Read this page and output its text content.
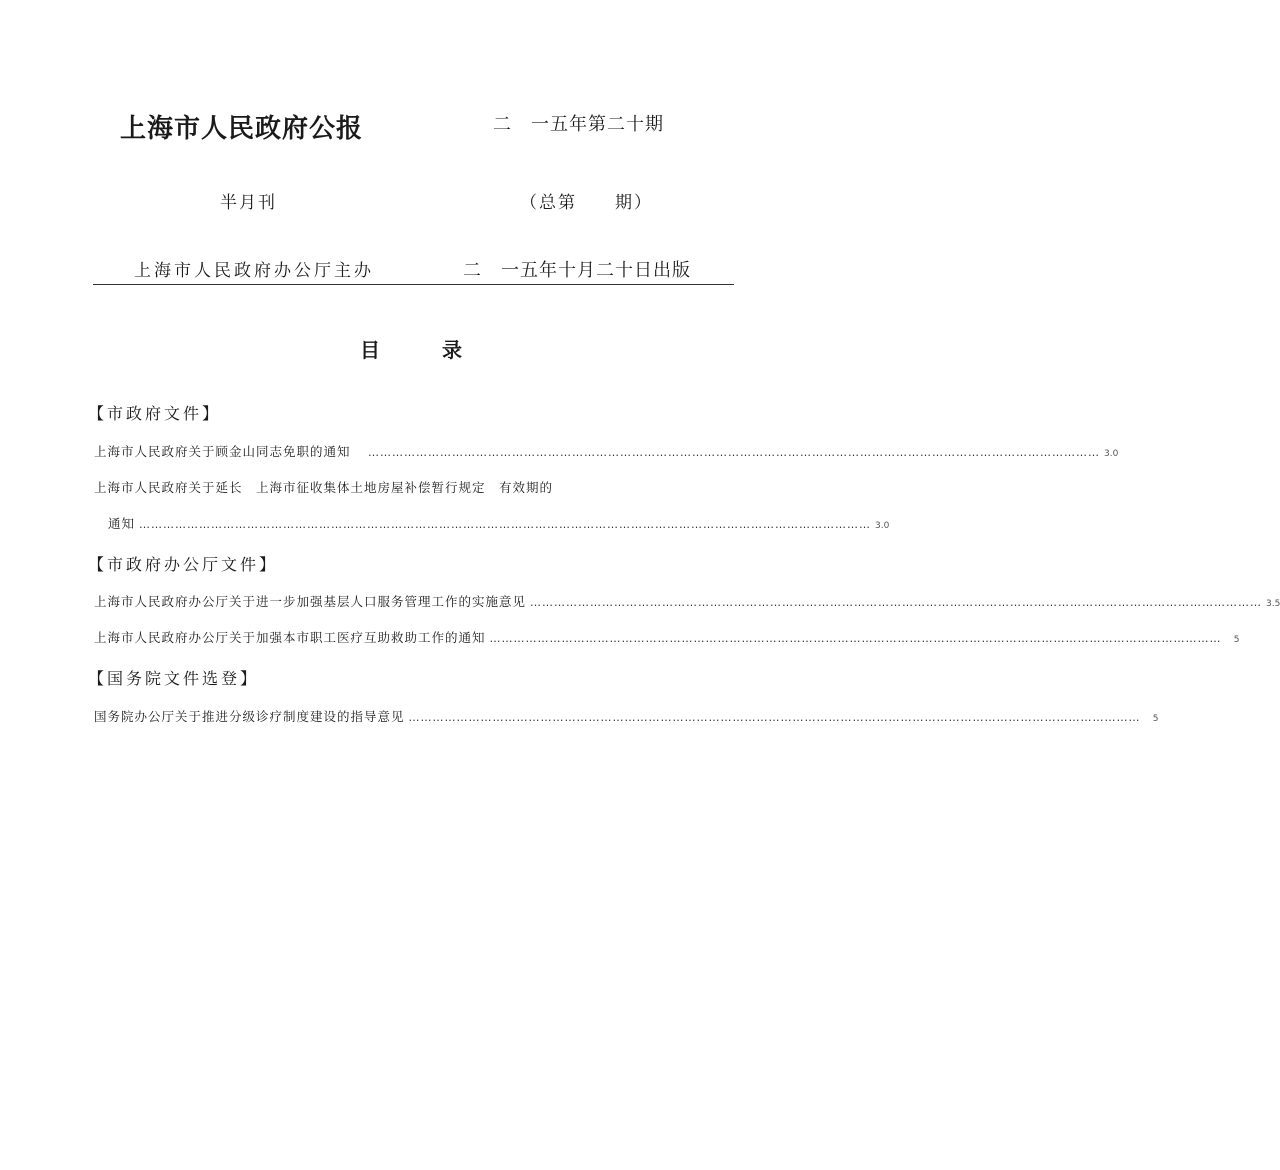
上海市人民政府公报	二　一五年第二十期
半月刊	（总第　　期）
上海市人民政府办公厅主办	二　一五年十月二十日出版
目录
【市政府文件】
上海市人民政府关于顾金山同志免职的通知　 ………………………………………………………………………………………………………………………………………………………………… 3.0
上海市人民政府关于延长　上海市征收集体土地房屋补偿暂行规定　有效期的
通知 ………………………………………………………………………………………………………………………………………………………………… 3.0
【市政府办公厅文件】
上海市人民政府办公厅关于进一步加强基层人口服务管理工作的实施意见 ………………………………………………………………………………………………………………………………………………………………… 3.5
上海市人民政府办公厅关于加强本市职工医疗互助救助工作的通知 …………………………………………………………………………………………………………………………………………………………………	5
【国务院文件选登】
国务院办公厅关于推进分级诊疗制度建设的指导意见 …………………………………………………………………………………………………………………………………………………………………	5
